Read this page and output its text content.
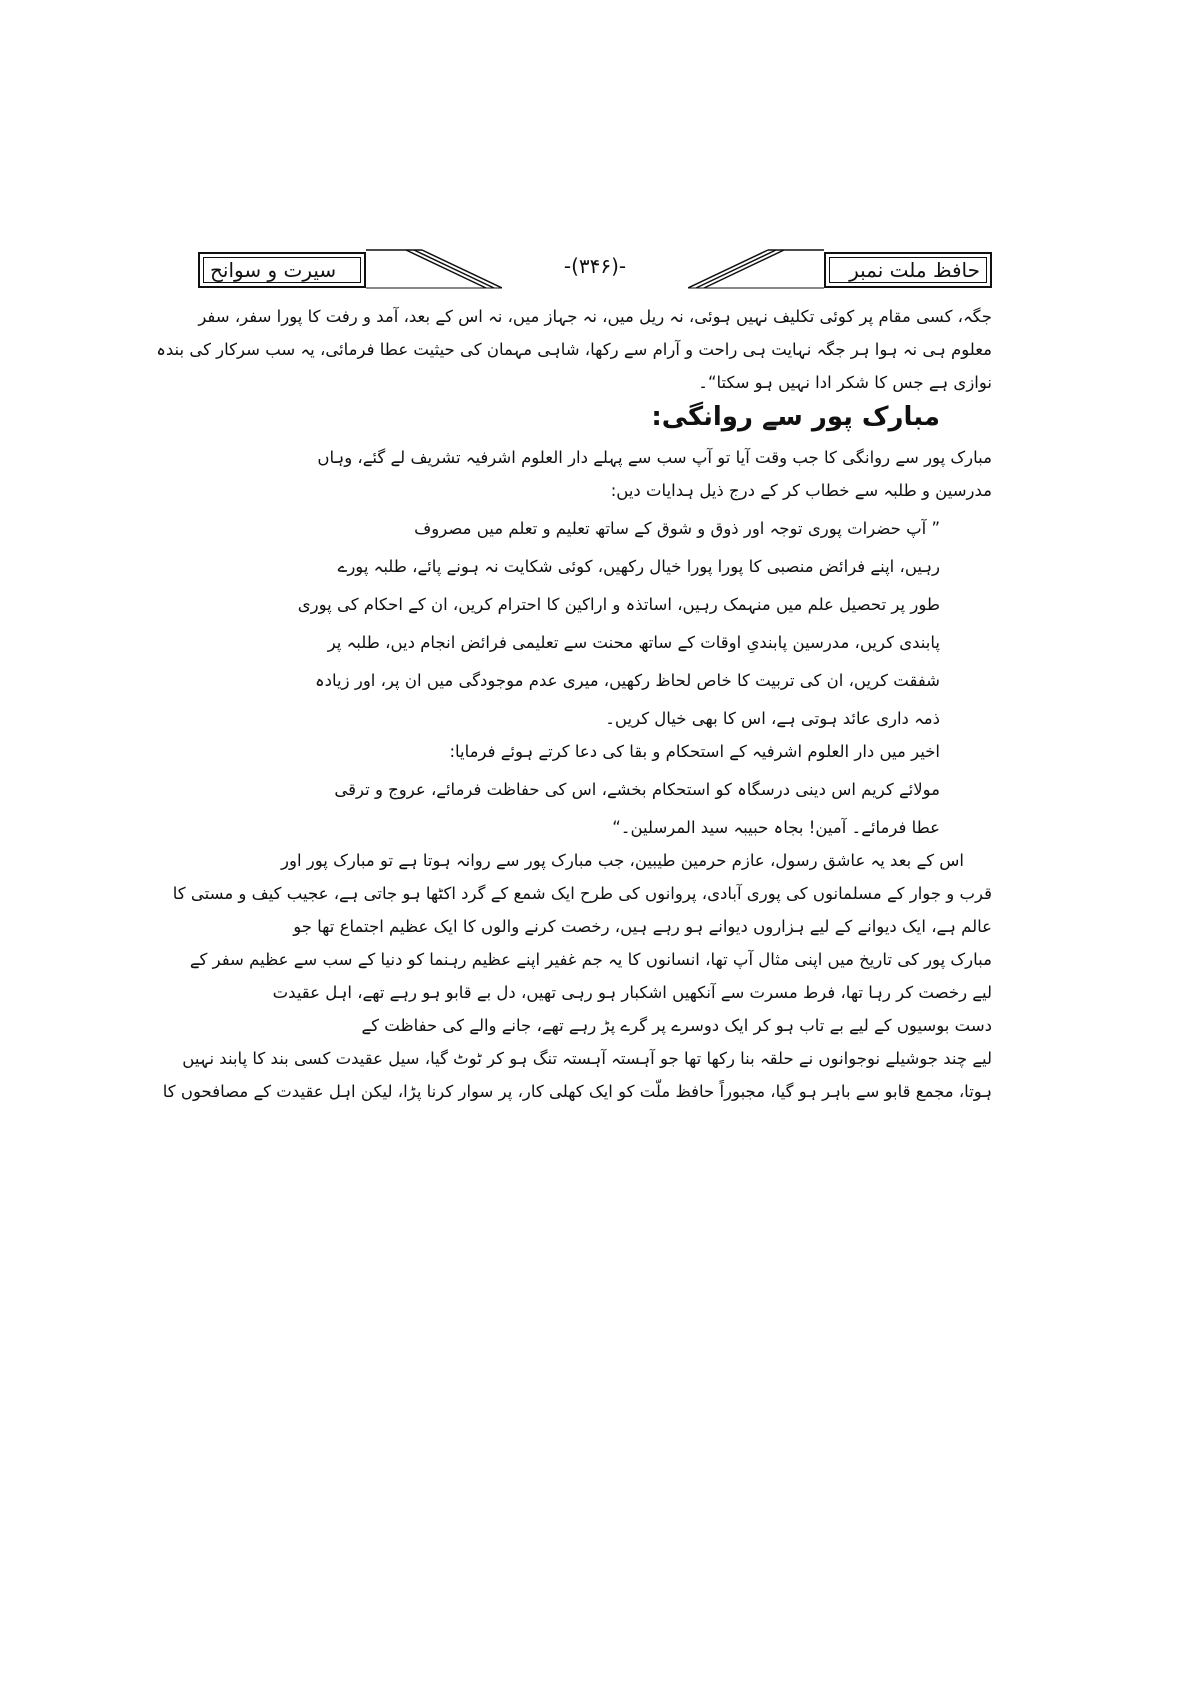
حافظ ملت نمبر
-(۳۴۶)-
سیرت و سوانح
جگہ، کسی مقام پر کوئی تکلیف نہیں ہوئی، نہ ریل میں، نہ جہاز میں، نہ اس کے بعد، آمد و رفت کا پورا سفر، سفر
معلوم ہی نہ ہوا ہر جگہ نہایت ہی راحت و آرام سے رکھا، شاہی مہمان کی حیثیت عطا فرمائی، یہ سب سرکار کی بندہ
نوازی ہے جس کا شکر ادا نہیں ہو سکتا“۔
مبارک پور سے روانگی:
مبارک پور سے روانگی کا جب وقت آیا تو آپ سب سے پہلے دار العلوم اشرفیہ تشریف لے گئے، وہاں
مدرسین و طلبہ سے خطاب کر کے درج ذیل ہدایات دیں:
” آپ حضرات پوری توجہ اور ذوق و شوق کے ساتھ تعلیم و تعلم میں مصروف
رہیں، اپنے فرائض منصبی کا پورا پورا خیال رکھیں، کوئی شکایت نہ ہونے پائے، طلبہ پورے
طور پر تحصیل علم میں منہمک رہیں، اساتذہ و اراکین کا احترام کریں، ان کے احکام کی پوری
پابندی کریں، مدرسین پابندیِ اوقات کے ساتھ محنت سے تعلیمی فرائض انجام دیں، طلبہ پر
شفقت کریں، ان کی تربیت کا خاص لحاظ رکھیں، میری عدم موجودگی میں ان پر، اور زیادہ
ذمہ داری عائد ہوتی ہے، اس کا بھی خیال کریں۔
اخیر میں دار العلوم اشرفیہ کے استحکام و بقا کی دعا کرتے ہوئے فرمایا:
مولائے کریم اس دینی درسگاہ کو استحکام بخشے، اس کی حفاظت فرمائے، عروج و ترقی
عطا فرمائے۔ آمین! بجاہ حبیبہ سید المرسلین۔“
اس کے بعد یہ عاشق رسول، عازم حرمین طیبین، جب مبارک پور سے روانہ ہوتا ہے تو مبارک پور اور
قرب و جوار کے مسلمانوں کی پوری آبادی، پروانوں کی طرح ایک شمع کے گرد اکٹھا ہو جاتی ہے، عجیب کیف و مستی کا
عالم ہے، ایک دیوانے کے لیے ہزاروں دیوانے ہو رہے ہیں، رخصت کرنے والوں کا ایک عظیم اجتماع تھا جو
مبارک پور کی تاریخ میں اپنی مثال آپ تھا، انسانوں کا یہ جم غفیر اپنے عظیم رہنما کو دنیا کے سب سے عظیم سفر کے
لیے رخصت کر رہا تھا، فرط مسرت سے آنکھیں اشکبار ہو رہی تھیں، دل بے قابو ہو رہے تھے، اہل عقیدت
دست بوسیوں کے لیے بے تاب ہو کر ایک دوسرے پر گرے پڑ رہے تھے، جانے والے کی حفاظت کے
لیے چند جوشیلے نوجوانوں نے حلقہ بنا رکھا تھا جو آہستہ آہستہ تنگ ہو کر ٹوٹ گیا، سیل عقیدت کسی بند کا پابند نہیں
ہوتا، مجمع قابو سے باہر ہو گیا، مجبوراً حافظ ملّت کو ایک کھلی کار، پر سوار کرنا پڑا، لیکن اہل عقیدت کے مصافحوں کا
